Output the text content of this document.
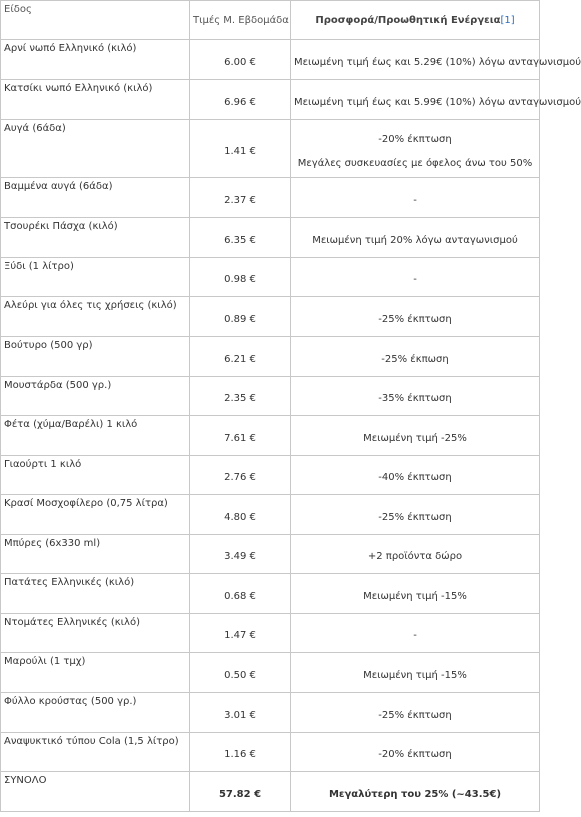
Είδος	Τιμές Μ. Εβδομάδα	Προσφορά/Προωθητική Ενέργεια[1]
Αρνί νωπό Ελληνικό (κιλό)	6.00 €	Μειωμένη τιμή έως και 5.29€ (10%) λόγω ανταγωνισμού
Κατσίκι νωπό Ελληνικό (κιλό)	6.96 €	Μειωμένη τιμή έως και 5.99€ (10%) λόγω ανταγωνισμού
Αυγά (6άδα)	1.41 €	-20% έκπτωση
Μεγάλες συσκευασίες με όφελος άνω του 50%

Βαμμένα αυγά (6άδα)	2.37 €	-
Τσουρέκι Πάσχα (κιλό)	6.35 €	Μειωμένη τιμή 20% λόγω ανταγωνισμού
Ξύδι (1 λίτρο)	0.98 €	-
Αλεύρι για όλες τις χρήσεις (κιλό)	0.89 €	-25% έκπτωση
Βούτυρο (500 γρ)	6.21 €	-25% έκπωση
Μουστάρδα (500 γρ.)	2.35 €	-35% έκπτωση
Φέτα (χύμα/Βαρέλι) 1 κιλό	7.61 €	Μειωμένη τιμή -25%
Γιαούρτι 1 κιλό	2.76 €	-40% έκπτωση
Κρασί Μοσχοφίλερο (0,75 λίτρα)	4.80 €	-25% έκπτωση
Μπύρες (6x330 ml)	3.49 €	+2 προϊόντα δώρο
Πατάτες Ελληνικές (κιλό)	0.68 €	Μειωμένη τιμή -15%
Ντομάτες Ελληνικές (κιλό)	1.47 €	-
Μαρούλι (1 τμχ)	0.50 €	Μειωμένη τιμή -15%
Φύλλο κρούστας (500 γρ.)	3.01 €	-25% έκπτωση
Αναψυκτικό τύπου Cola (1,5 λίτρο)	1.16 €	-20% έκπτωση
ΣΥΝΟΛΟ	57.82 €	Μεγαλύτερη του 25% (~43.5€)
